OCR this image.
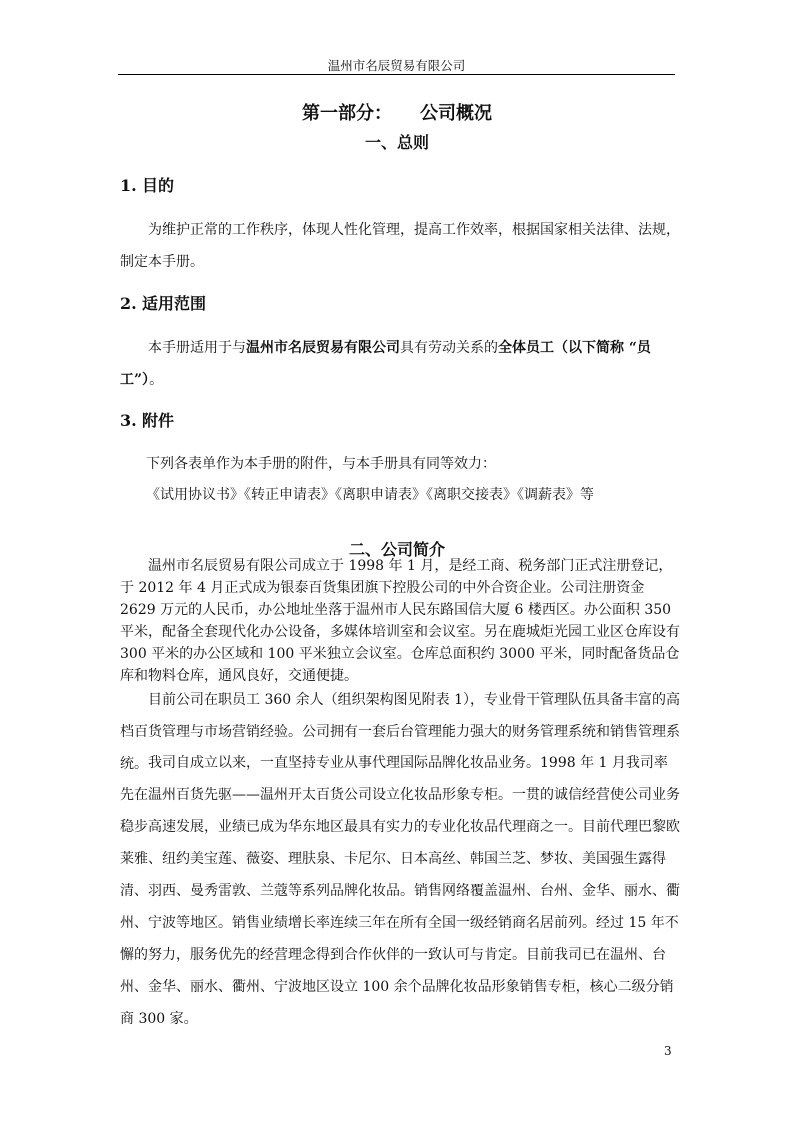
温州市名辰贸易有限公司
第一部分： 公司概况
一、总则
1. 目的
为维护正常的工作秩序，体现人性化管理，提高工作效率，根据国家相关法律、法规，制定本手册。
2. 适用范围
本手册适用于与温州市名辰贸易有限公司具有劳动关系的全体员工（以下简称 “员工”）。
3. 附件
下列各表单作为本手册的附件，与本手册具有同等效力：
《试用协议书》《转正申请表》《离职申请表》《离职交接表》《调薪表》等
二、公司简介
温州市名辰贸易有限公司成立于 1998 年 1 月，是经工商、税务部门正式注册登记，于 2012 年 4 月正式成为银泰百货集团旗下控股公司的中外合资企业。公司注册资金 2629 万元的人民币，办公地址坐落于温州市人民东路国信大厦 6 楼西区。办公面积 350 平米，配备全套现代化办公设备，多媒体培训室和会议室。另在鹿城炬光园工业区仓库设有 300 平米的办公区域和 100 平米独立会议室。仓库总面积约 3000 平米，同时配备货品仓库和物料仓库，通风良好，交通便捷。
目前公司在职员工 360 余人（组织架构图见附表 1），专业骨干管理队伍具备丰富的高档百货管理与市场营销经验。公司拥有一套后台管理能力强大的财务管理系统和销售管理系统。 我司自成立以来，一直坚持专业从事代理国际品牌化妆品业务。1998 年 1 月我司率先在温州百货先驱——温州开太百货公司设立化妆品形象专柜。一贯的诚信经营使公司业务稳步高速发展，业绩已成为华东地区最具有实力的专业化妆品代理商之一。目前代理巴黎欧莱雅、纽约美宝莲、薇姿、理肤泉、卡尼尔、日本高丝、韩国兰芝、梦妆、美国强生露得清、羽西、曼秀雷敦、兰蔻等系列品牌化妆品。销售网络覆盖温州、台州、金华、丽水、衢州、宁波等地区。销售业绩增长率连续三年在所有全国一级经销商名居前列。经过 15 年不懈的努力，服务优先的经营理念得到合作伙伴的一致认可与肯定。目前我司已在温州、台州、金华、丽水、衢州、宁波地区设立 100 余个品牌化妆品形象销售专柜，核心二级分销商 300 家。
3
